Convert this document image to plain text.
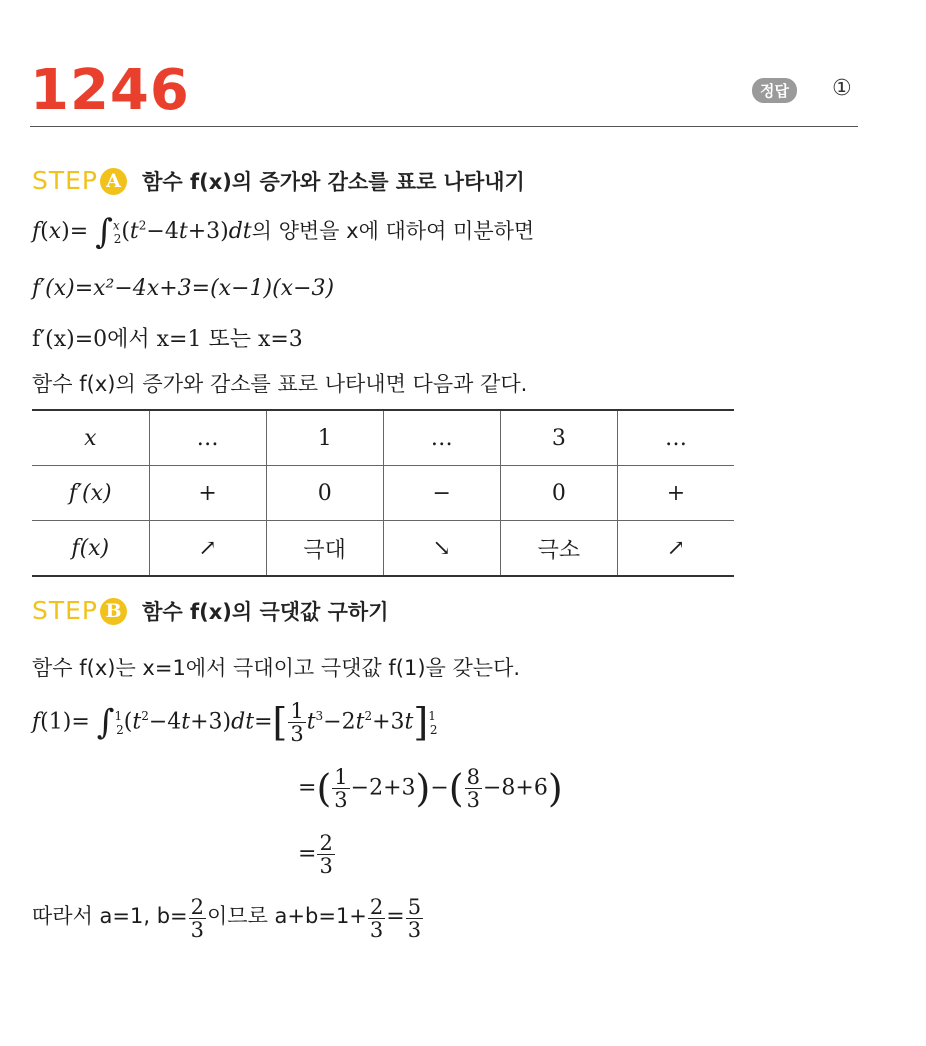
1246	정답	①
STEP A 함수 f(x)의 증가와 감소를 표로 나타내기
$f(x)= \int^x_2(t^2-4t+3)dt$의 양변을 x에 대하여 미분하면
f′(x)=x²−4x+3=(x−1)(x−3)
f′(x)=0에서 x=1 또는 x=3
함수 f(x)의 증가와 감소를 표로 나타내면 다음과 같다.
x	…	1	…	3	…
f′(x)	+	0	−	0	+
f(x)	↗	극대	↘	극소	↗
STEP B 함수 f(x)의 극댓값 구하기
함수 f(x)는 x=1에서 극대이고 극댓값 f(1)을 갖는다.
$f(1)= \int^1_2(t^2-4t+3)dt=[ \frac{1}{3} t^3-2t^2+3t]^1_2$
=( $\frac{1}{3} -2+3)-( \frac{8}{3} -8+6)$
= $\frac{2}{3}$
따라서 a=1, $b= \frac{2}{3}$ 이므로 $a+b=1+ \frac{2}{3} = \frac{5}{3}$
